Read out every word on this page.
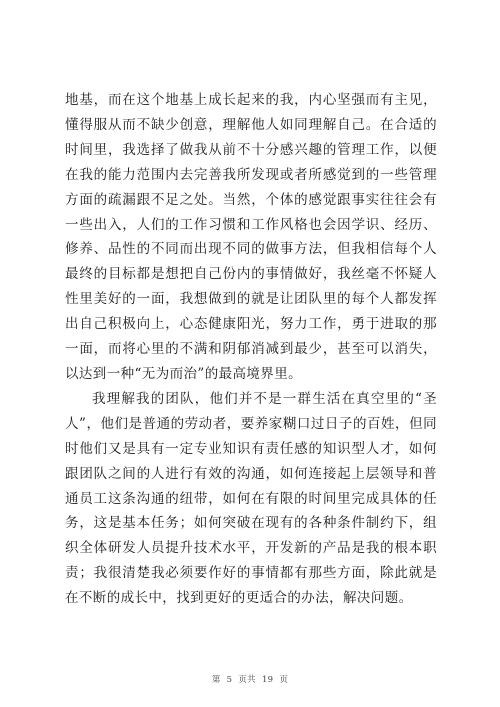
地基，而在这个地基上成长起来的我，内心坚强而有主见，懂得服从而不缺少创意，理解他人如同理解自己。在合适的时间里，我选择了做我从前不十分感兴趣的管理工作，以便在我的能力范围内去完善我所发现或者所感觉到的一些管理方面的疏漏跟不足之处。当然，个体的感觉跟事实往往会有一些出入，人们的工作习惯和工作风格也会因学识、经历、修养、品性的不同而出现不同的做事方法，但我相信每个人最终的目标都是想把自己份内的事情做好，我丝毫不怀疑人性里美好的一面，我想做到的就是让团队里的每个人都发挥出自己积极向上，心态健康阳光，努力工作，勇于进取的那一面，而将心里的不满和阴郁消减到最少，甚至可以消失，以达到一种“无为而治”的最高境界里。

我理解我的团队，他们并不是一群生活在真空里的“圣人”，他们是普通的劳动者，要养家糊口过日子的百姓，但同时他们又是具有一定专业知识有责任感的知识型人才，如何跟团队之间的人进行有效的沟通，如何连接起上层领导和普通员工这条沟通的纽带，如何在有限的时间里完成具体的任务，这是基本任务；如何突破在现有的各种条件制约下，组织全体研发人员提升技术水平，开发新的产品是我的根本职责；我很清楚我必须要作好的事情都有那些方面，除此就是在不断的成长中，找到更好的更适合的办法，解决问题。

第 5 页共 19 页
